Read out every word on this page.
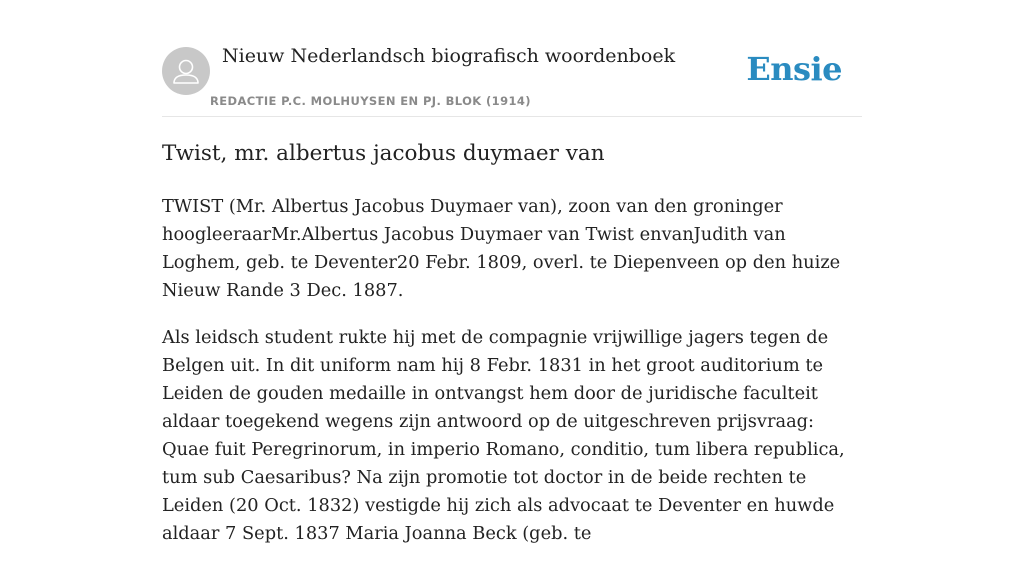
Nieuw Nederlandsch biografisch woordenboek
REDACTIE P.C. MOLHUYSEN EN PJ. BLOK (1914)
Ensie
Twist, mr. albertus jacobus duymaer van

TWIST (Mr. Albertus Jacobus Duymaer van), zoon van den groninger hoogleeraarMr.Albertus Jacobus Duymaer van Twist envanJudith van Loghem, geb. te Deventer20 Febr. 1809, overl. te Diepenveen op den huize Nieuw Rande 3 Dec. 1887.

Als leidsch student rukte hij met de compagnie vrijwillige jagers tegen de Belgen uit. In dit uniform nam hij 8 Febr. 1831 in het groot auditorium te Leiden de gouden medaille in ontvangst hem door de juridische faculteit aldaar toegekend wegens zijn antwoord op de uitgeschreven prijsvraag: Quae fuit Peregrinorum, in imperio Romano, conditio, tum libera republica, tum sub Caesaribus? Na zijn promotie tot doctor in de beide rechten te Leiden (20 Oct. 1832) vestigde hij zich als advocaat te Deventer en huwde aldaar 7 Sept. 1837 Maria Joanna Beck (geb. te
